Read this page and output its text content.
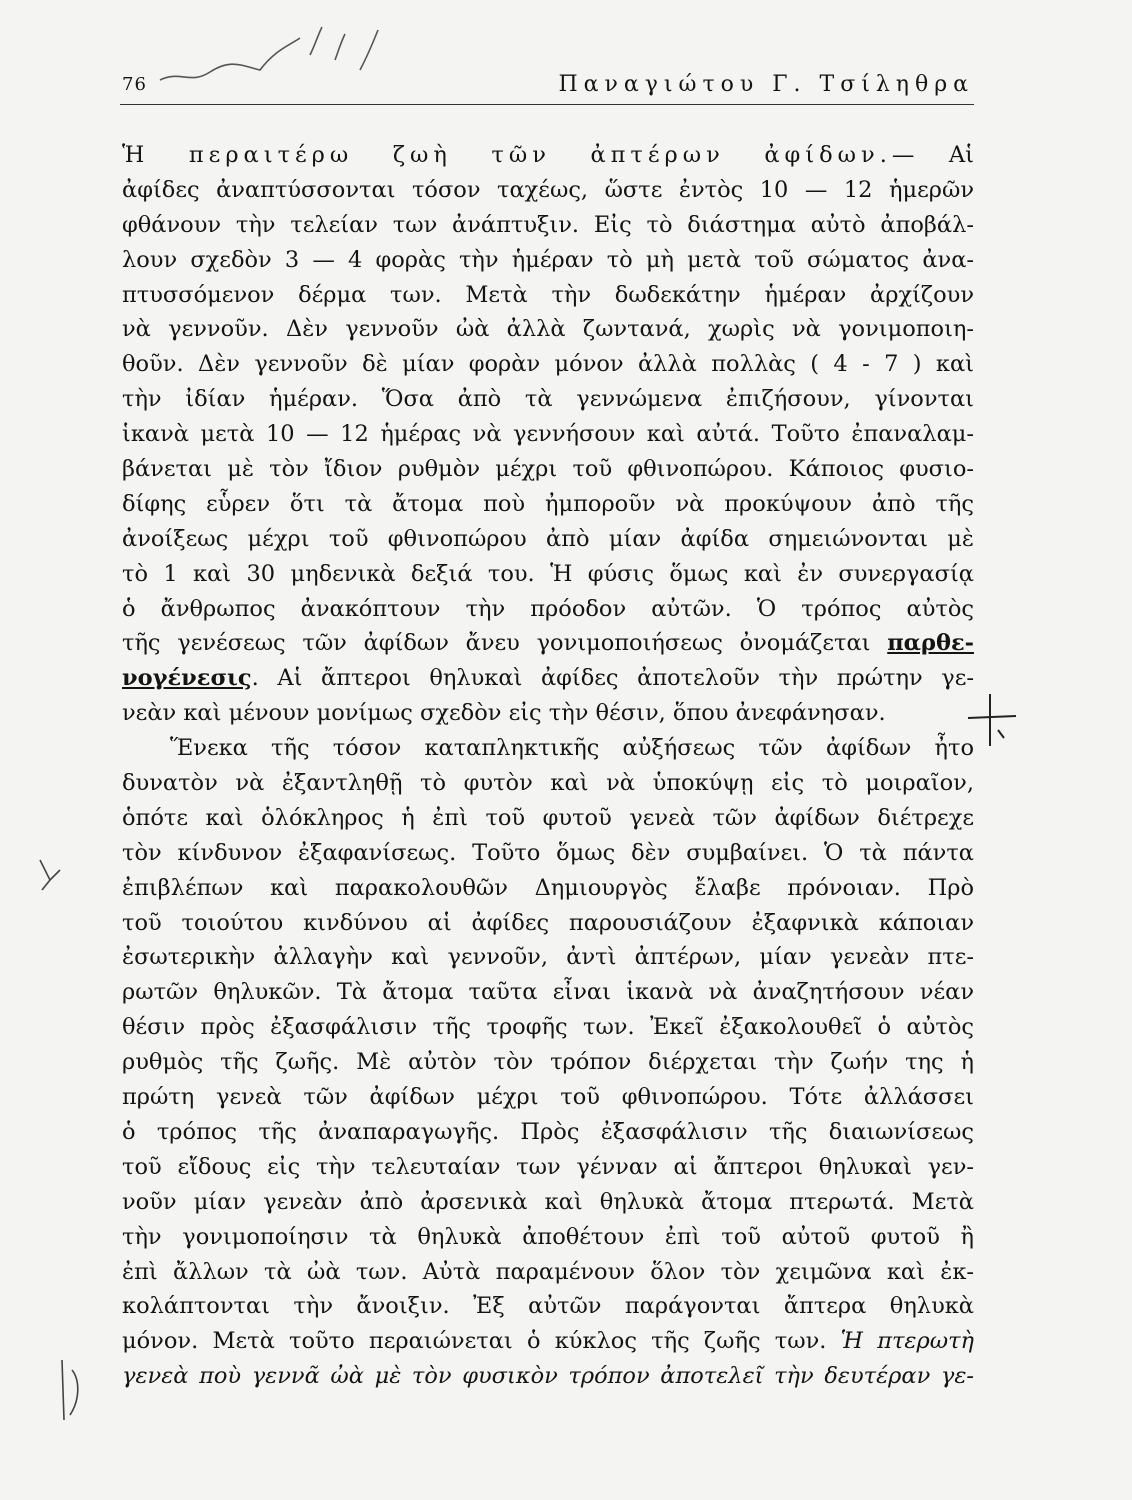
76	Παναγιώτου Γ. Τσίληθρα
Ἡ περαιτέρω ζωὴ τῶν ἀπτέρων ἀφίδων.— Αἱ
ἀφίδες ἀναπτύσσονται τόσον ταχέως, ὥστε ἐντὸς 10 — 12 ἡμερῶν
φθάνουν τὴν τελείαν των ἀνάπτυξιν. Εἰς τὸ διάστημα αὐτὸ ἀποβάλ-
λουν σχεδὸν 3 — 4 φορὰς τὴν ἡμέραν τὸ μὴ μετὰ τοῦ σώματος ἀνα-
πτυσσόμενον δέρμα των. Μετὰ τὴν δωδεκάτην ἡμέραν ἀρχίζουν
νὰ γεννοῦν. Δὲν γεννοῦν ὠὰ ἀλλὰ ζωντανά, χωρὶς νὰ γονιμοποιη-
θοῦν. Δὲν γεννοῦν δὲ μίαν φορὰν μόνον ἀλλὰ πολλὰς ( 4 - 7 ) καὶ
τὴν ἰδίαν ἡμέραν. Ὅσα ἀπὸ τὰ γεννώμενα ἐπιζήσουν, γίνονται
ἱκανὰ μετὰ 10 — 12 ἡμέρας νὰ γεννήσουν καὶ αὐτά. Τοῦτο ἐπαναλαμ-
βάνεται μὲ τὸν ἴδιον ρυθμὸν μέχρι τοῦ φθινοπώρου. Κάποιος φυσιο-
δίφης εὗρεν ὅτι τὰ ἄτομα ποὺ ἠμποροῦν νὰ προκύψουν ἀπὸ τῆς
ἀνοίξεως μέχρι τοῦ φθινοπώρου ἀπὸ μίαν ἀφίδα σημειώνονται μὲ
τὸ 1 καὶ 30 μηδενικὰ δεξιά του. Ἡ φύσις ὅμως καὶ ἐν συνεργασίᾳ
ὁ ἄνθρωπος ἀνακόπτουν τὴν πρόοδον αὐτῶν. Ὁ τρόπος αὐτὸς
τῆς γενέσεως τῶν ἀφίδων ἄνευ γονιμοποιήσεως ὀνομάζεται παρθε-
νογένεσις. Αἱ ἄπτεροι θηλυκαὶ ἀφίδες ἀποτελοῦν τὴν πρώτην γε-
νεὰν καὶ μένουν μονίμως σχεδὸν εἰς τὴν θέσιν, ὅπου ἀνεφάνησαν.
Ἕνεκα τῆς τόσον καταπληκτικῆς αὐξήσεως τῶν ἀφίδων ἦτο
δυνατὸν νὰ ἐξαντληθῇ τὸ φυτὸν καὶ νὰ ὑποκύψῃ εἰς τὸ μοιραῖον,
ὁπότε καὶ ὁλόκληρος ἡ ἐπὶ τοῦ φυτοῦ γενεὰ τῶν ἀφίδων διέτρεχε
τὸν κίνδυνον ἐξαφανίσεως. Τοῦτο ὅμως δὲν συμβαίνει. Ὁ τὰ πάντα
ἐπιβλέπων καὶ παρακολουθῶν Δημιουργὸς ἔλαβε πρόνοιαν. Πρὸ
τοῦ τοιούτου κινδύνου αἱ ἀφίδες παρουσιάζουν ἐξαφνικὰ κάποιαν
ἐσωτερικὴν ἀλλαγὴν καὶ γεννοῦν, ἀντὶ ἀπτέρων, μίαν γενεὰν πτε-
ρωτῶν θηλυκῶν. Τὰ ἄτομα ταῦτα εἶναι ἱκανὰ νὰ ἀναζητήσουν νέαν
θέσιν πρὸς ἐξασφάλισιν τῆς τροφῆς των. Ἐκεῖ ἐξακολουθεῖ ὁ αὐτὸς
ρυθμὸς τῆς ζωῆς. Μὲ αὐτὸν τὸν τρόπον διέρχεται τὴν ζωήν της ἡ
πρώτη γενεὰ τῶν ἀφίδων μέχρι τοῦ φθινοπώρου. Τότε ἀλλάσσει
ὁ τρόπος τῆς ἀναπαραγωγῆς. Πρὸς ἐξασφάλισιν τῆς διαιωνίσεως
τοῦ εἴδους εἰς τὴν τελευταίαν των γένναν αἱ ἄπτεροι θηλυκαὶ γεν-
νοῦν μίαν γενεὰν ἀπὸ ἀρσενικὰ καὶ θηλυκὰ ἄτομα πτερωτά. Μετὰ
τὴν γονιμοποίησιν τὰ θηλυκὰ ἀποθέτουν ἐπὶ τοῦ αὐτοῦ φυτοῦ ἢ
ἐπὶ ἄλλων τὰ ὠὰ των. Αὐτὰ παραμένουν ὅλον τὸν χειμῶνα καὶ ἐκ-
κολάπτονται τὴν ἄνοιξιν. Ἐξ αὐτῶν παράγονται ἄπτερα θηλυκὰ
μόνον. Μετὰ τοῦτο περαιώνεται ὁ κύκλος τῆς ζωῆς των. Ἡ πτερωτὴ
γενεὰ ποὺ γεννᾶ ὠὰ μὲ τὸν φυσικὸν τρόπον ἀποτελεῖ τὴν δευτέραν γε-
